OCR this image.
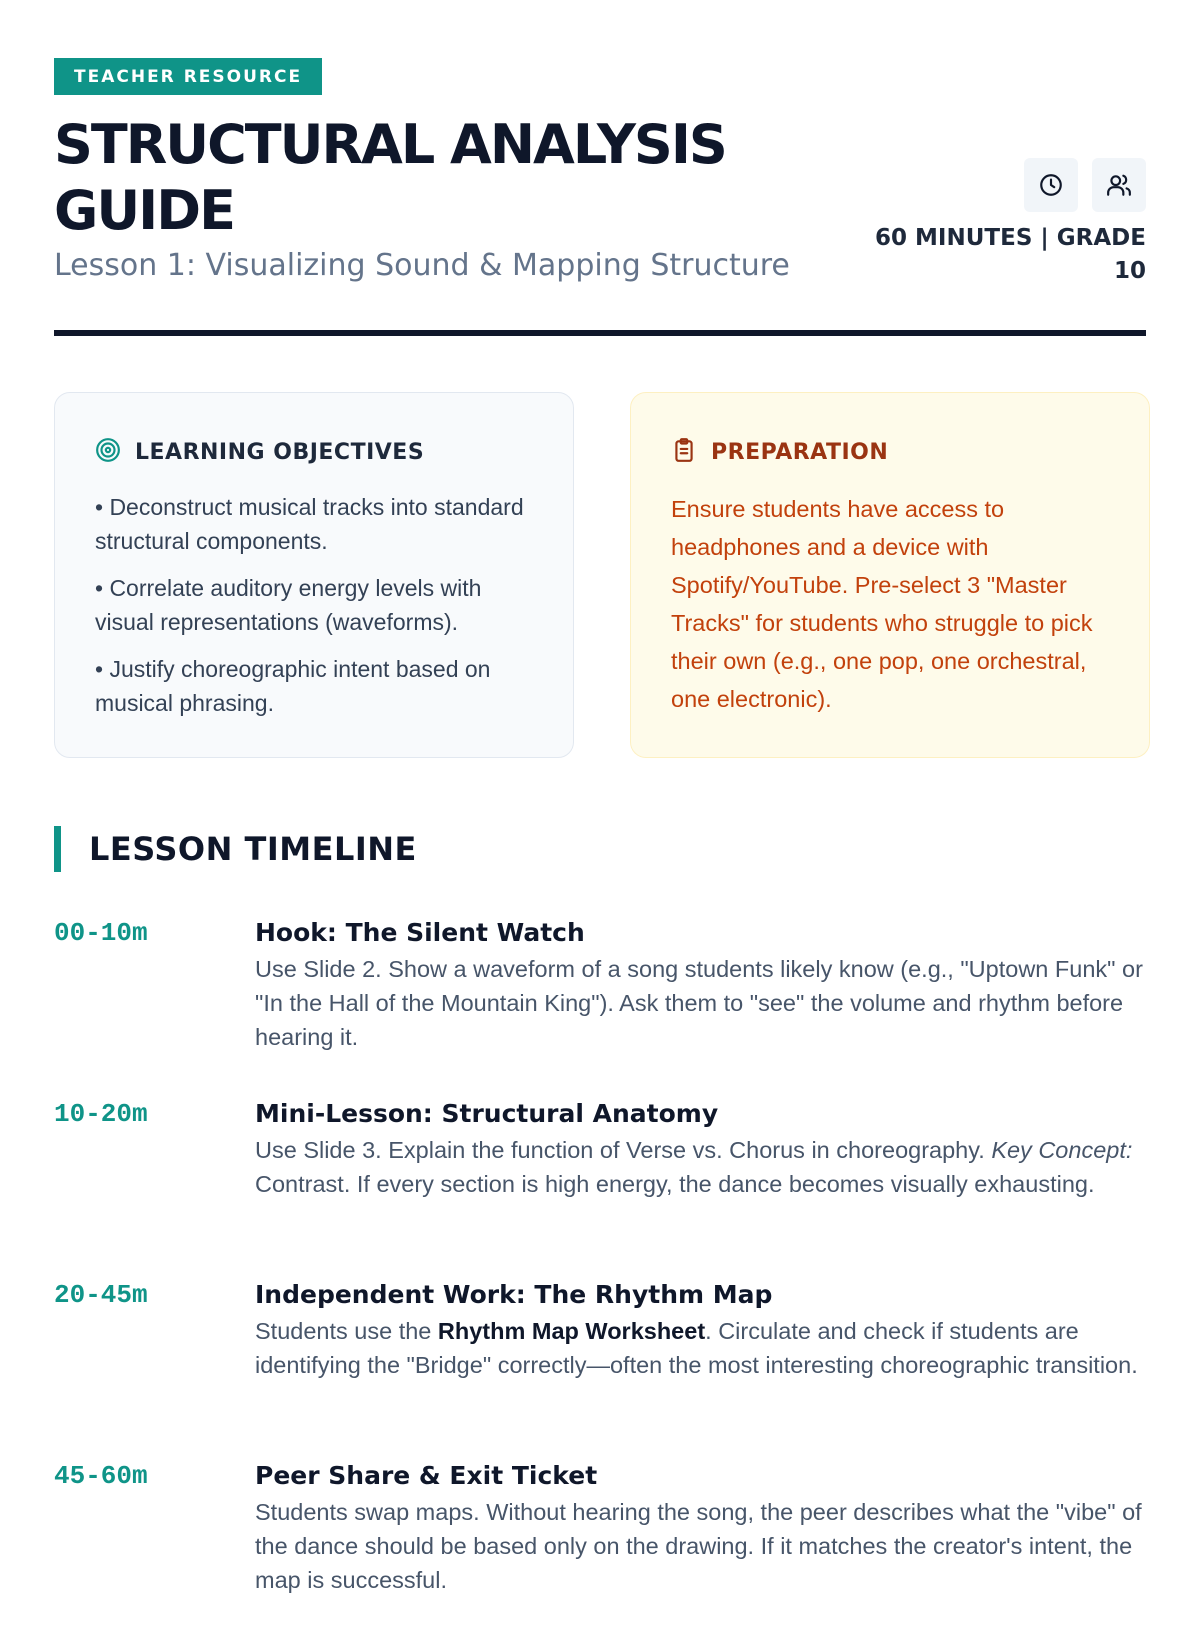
TEACHER RESOURCE
STRUCTURAL ANALYSIS GUIDE
Lesson 1: Visualizing Sound & Mapping Structure
60 MINUTES | GRADE 10
LEARNING OBJECTIVES
• Deconstruct musical tracks into standard structural components.
• Correlate auditory energy levels with visual representations (waveforms).
• Justify choreographic intent based on musical phrasing.
PREPARATION

Ensure students have access to headphones and a device with Spotify/YouTube. Pre-select 3 "Master Tracks" for students who struggle to pick their own (e.g., one pop, one orchestral, one electronic).

LESSON TIMELINE
00-10m	Hook: The Silent Watch
Use Slide 2. Show a waveform of a song students likely know (e.g., "Uptown Funk" or "In the Hall of the Mountain King"). Ask them to "see" the volume and rhythm before hearing it.
10-20m	Mini-Lesson: Structural Anatomy
Use Slide 3. Explain the function of Verse vs. Chorus in choreography. Key Concept: Contrast. If every section is high energy, the dance becomes visually exhausting.
20-45m	Independent Work: The Rhythm Map
Students use the Rhythm Map Worksheet. Circulate and check if students are identifying the "Bridge" correctly—often the most interesting choreographic transition.
45-60m	Peer Share & Exit Ticket
Students swap maps. Without hearing the song, the peer describes what the "vibe" of the dance should be based only on the drawing. If it matches the creator's intent, the map is successful.
